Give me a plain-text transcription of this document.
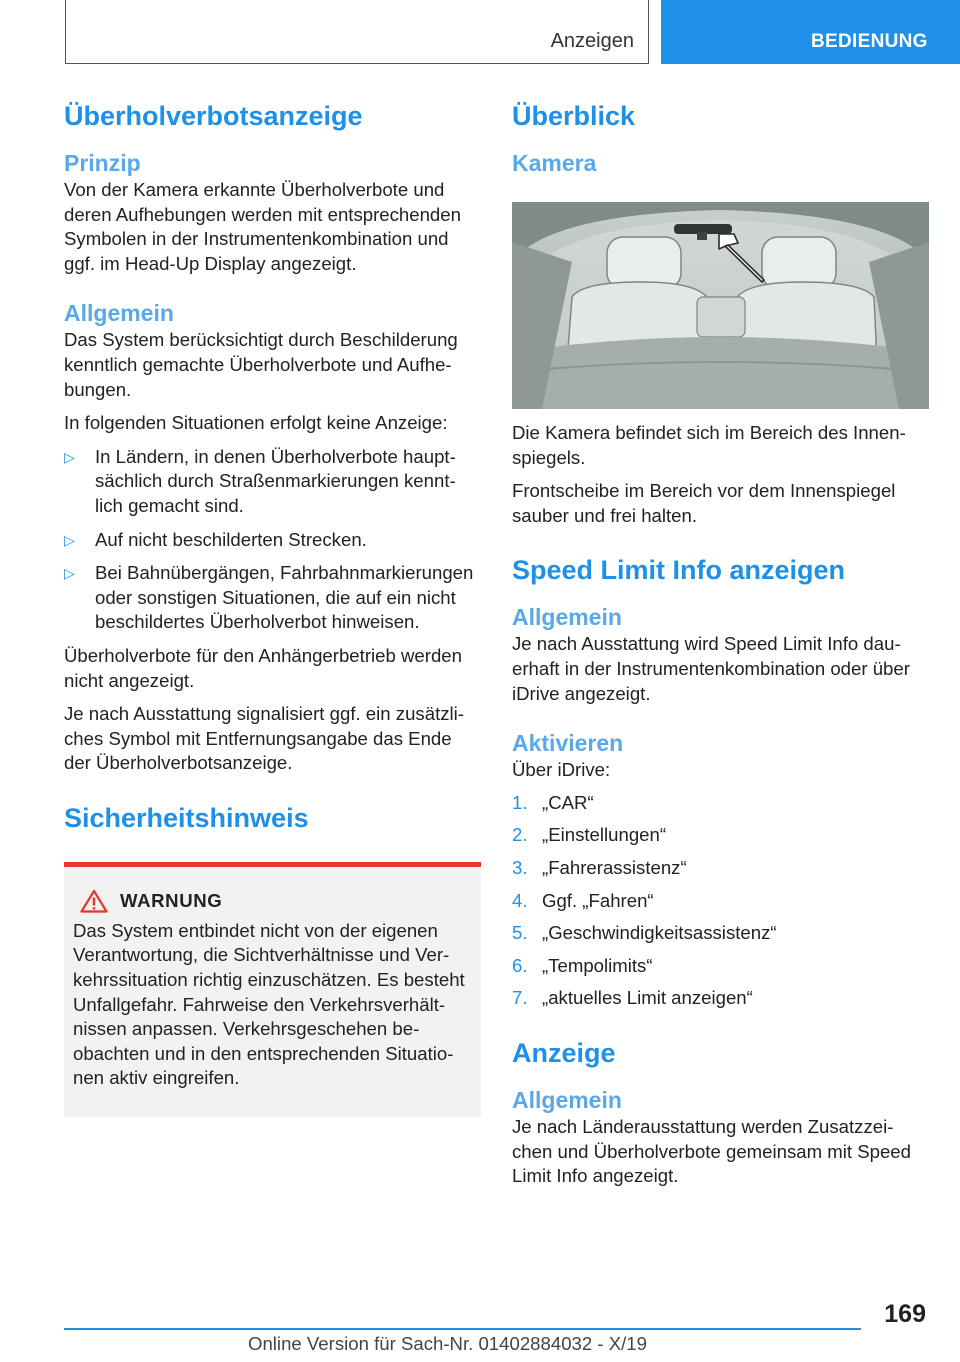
Anzeigen	BEDIENUNG
Überholverbotsanzeige
Prinzip

Von der Kamera erkannte Überholverbote und deren Aufhebungen werden mit entsprechenden Symbolen in der Instrumentenkombination und ggf. im Head-Up Display angezeigt.

Allgemein

Das System berücksichtigt durch Beschilderung kenntlich gemachte Überholverbote und Aufhe‐bungen.

In folgenden Situationen erfolgt keine Anzeige:

▷ In Ländern, in denen Überholverbote haupt‐sächlich durch Straßenmarkierungen kennt‐lich gemacht sind.
▷ Auf nicht beschilderten Strecken.
▷ Bei Bahnübergängen, Fahrbahnmarkierungen oder sonstigen Situationen, die auf ein nicht beschildertes Überholverbot hinweisen.

Überholverbote für den Anhängerbetrieb werden nicht angezeigt.

Je nach Ausstattung signalisiert ggf. ein zusätzli‐ches Symbol mit Entfernungsangabe das Ende der Überholverbotsanzeige.

Sicherheitshinweis
WARNUNG

Das System entbindet nicht von der eigenen Verantwortung, die Sichtverhältnisse und Ver‐kehrssituation richtig einzuschätzen. Es besteht Unfallgefahr. Fahrweise den Verkehrsverhält‐nissen anpassen. Verkehrsgeschehen be‐obachten und in den entsprechenden Situatio‐nen aktiv eingreifen.

Überblick
Kamera

Die Kamera befindet sich im Bereich des Innen‐spiegels.

Frontscheibe im Bereich vor dem Innenspiegel sauber und frei halten.

Speed Limit Info anzeigen
Allgemein

Je nach Ausstattung wird Speed Limit Info dau‐erhaft in der Instrumentenkombination oder über iDrive angezeigt.

Aktivieren

Über iDrive:

1. „CAR“
2. „Einstellungen“
3. „Fahrerassistenz“
4. Ggf. „Fahren“
5. „Geschwindigkeitsassistenz“
6. „Tempolimits“
7. „aktuelles Limit anzeigen“
Anzeige
Allgemein

Je nach Länderausstattung werden Zusatzzei‐chen und Überholverbote gemeinsam mit Speed Limit Info angezeigt.

169
Online Version für Sach-Nr. 01402884032 - X/19
